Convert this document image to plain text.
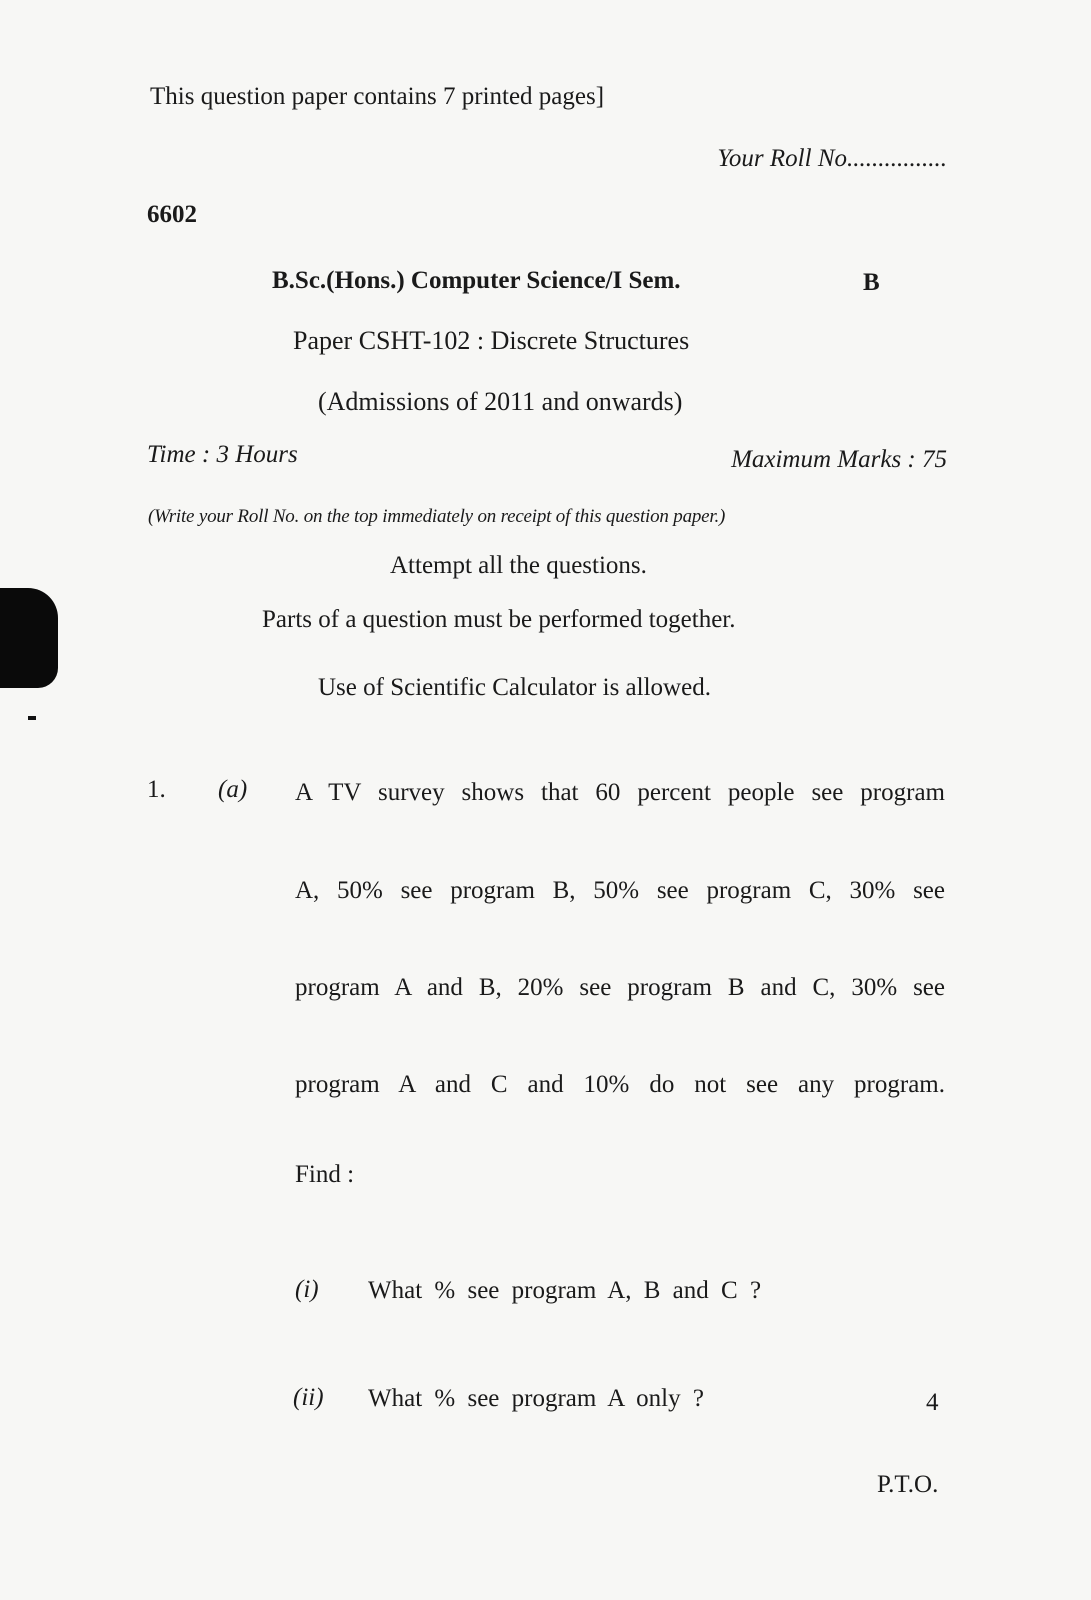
This question paper contains 7 printed pages]
Your Roll No................
6602
B.Sc.(Hons.) Computer Science/I Sem.	B
Paper CSHT-102 : Discrete Structures
(Admissions of 2011 and onwards)
Time : 3 Hours	Maximum Marks : 75
(Write your Roll No. on the top immediately on receipt of this question paper.)
Attempt all the questions.
Parts of a question must be performed together.
Use of Scientific Calculator is allowed.
1. (a) A TV survey shows that 60 percent people see program
A, 50% see program B, 50% see program C, 30% see
program A and B, 20% see program B and C, 30% see
program A and C and 10% do not see any program.
Find :
(i) What % see program A, B and C ?
(ii) What % see program A only ?	4
P.T.O.
